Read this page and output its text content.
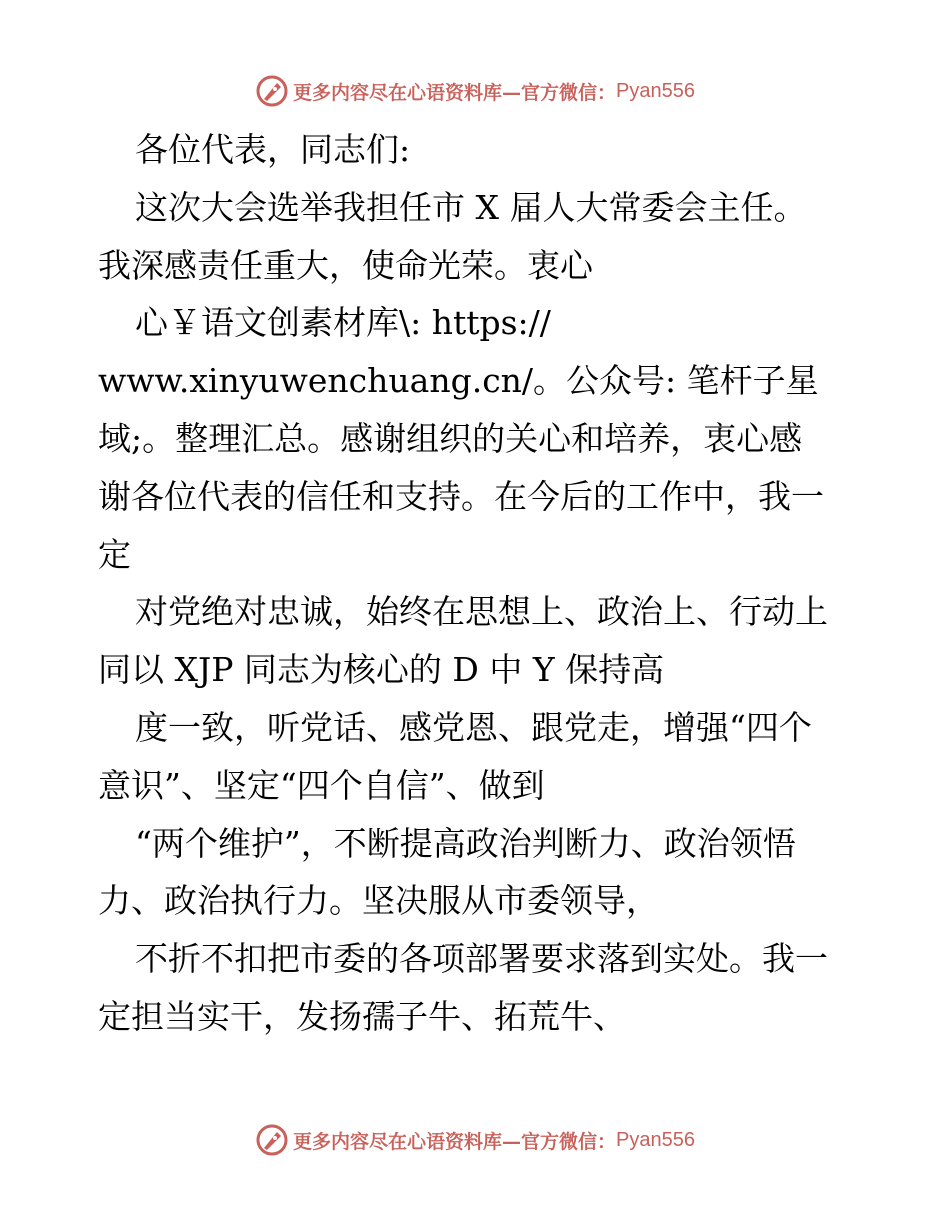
更多内容尽在心语资料库—官方微信： Pyan556
各位代表，同志们:
这次大会选举我担任市 X 届人大常委会主任。
我深感责任重大，使命光荣。衷心
心￥语文创素材库\: https://
www.xinyuwenchuang.cn/。公众号: 笔杆子星
域;。整理汇总。感谢组织的关心和培养，衷心感
谢各位代表的信任和支持。在今后的工作中，我一
定
对党绝对忠诚，始终在思想上、政治上、行动上
同以 XJP 同志为核心的 D 中 Y 保持高
度一致，听党话、感党恩、跟党走，增强“四个
意识”、坚定“四个自信”、做到
“两个维护”，不断提高政治判断力、政治领悟
力、政治执行力。坚决服从市委领导，
不折不扣把市委的各项部署要求落到实处。我一
定担当实干，发扬孺子牛、拓荒牛、
更多内容尽在心语资料库—官方微信： Pyan556
